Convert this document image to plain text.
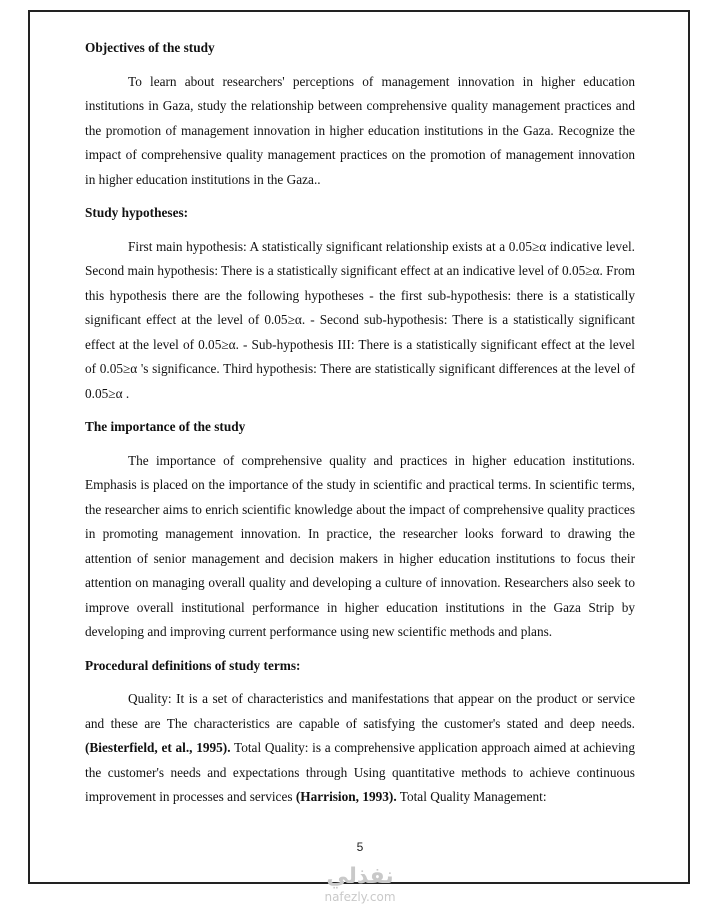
Objectives of the study

To learn about researchers' perceptions of management innovation in higher education institutions in Gaza, study the relationship between comprehensive quality management practices and the promotion of management innovation in higher education institutions in the Gaza. Recognize the impact of comprehensive quality management practices on the promotion of management innovation in higher education institutions in the Gaza..

Study hypotheses:

First main hypothesis: A statistically significant relationship exists at a 0.05≥α indicative level. Second main hypothesis: There is a statistically significant effect at an indicative level of 0.05≥α. From this hypothesis there are the following hypotheses - the first sub-hypothesis: there is a statistically significant effect at the level of 0.05≥α. - Second sub-hypothesis: There is a statistically significant effect at the level of 0.05≥α. - Sub-hypothesis III: There is a statistically significant effect at the level of 0.05≥α 's significance. Third hypothesis: There are statistically significant differences at the level of 0.05≥α .

The importance of the study

The importance of comprehensive quality and practices in higher education institutions. Emphasis is placed on the importance of the study in scientific and practical terms. In scientific terms, the researcher aims to enrich scientific knowledge about the impact of comprehensive quality practices in promoting management innovation. In practice, the researcher looks forward to drawing the attention of senior management and decision makers in higher education institutions to focus their attention on managing overall quality and developing a culture of innovation. Researchers also seek to improve overall institutional performance in higher education institutions in the Gaza Strip by developing and improving current performance using new scientific methods and plans.

Procedural definitions of study terms:

Quality: It is a set of characteristics and manifestations that appear on the product or service and these are The characteristics are capable of satisfying the customer's stated and deep needs. (Biesterfield, et al., 1995). Total Quality: is a comprehensive application approach aimed at achieving the customer's needs and expectations through Using quantitative methods to achieve continuous improvement in processes and services (Harrision, 1993). Total Quality Management:

5
نفذلي
nafezly.com
